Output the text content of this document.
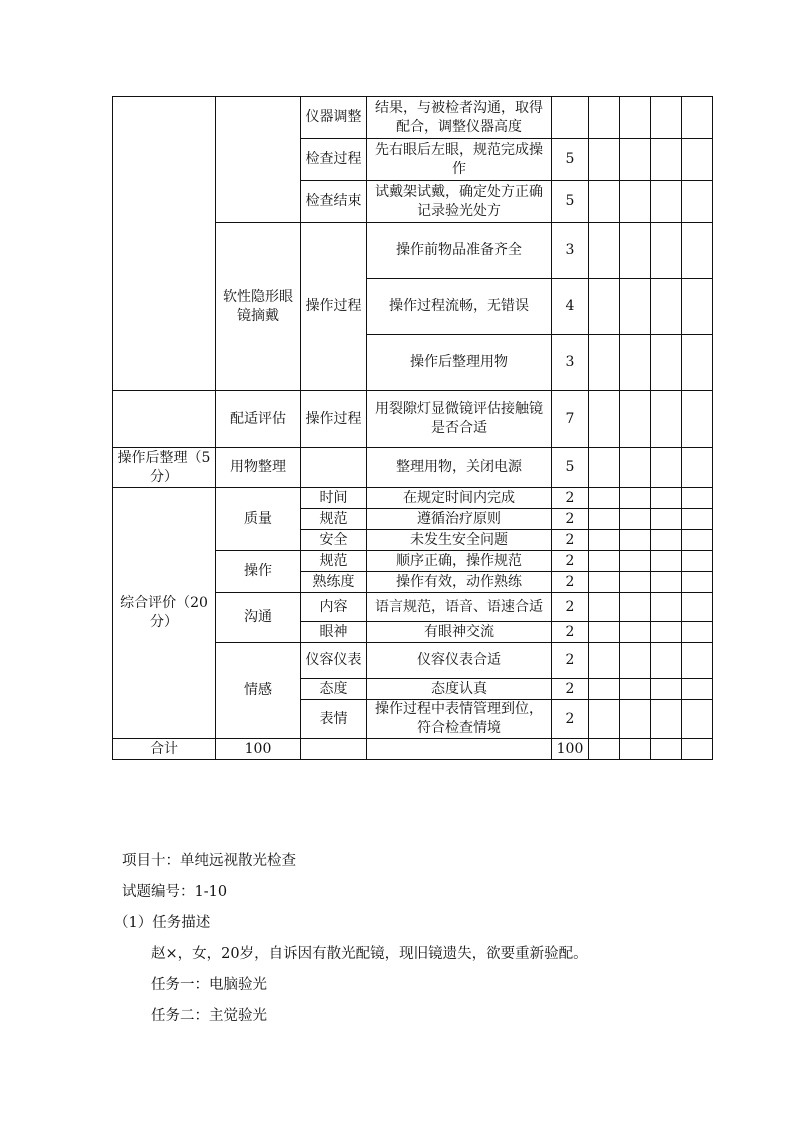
		仪器调整	结果，与被检者沟通，取得配合，调整仪器高度					
		检查过程	先右眼后左眼，规范完成操作	5				
		检查结束	试戴架试戴，确定处方正确记录验光处方	5				
	软性隐形眼镜摘戴	操作过程	操作前物品准备齐全	3				
			操作过程流畅，无错误	4				
			操作后整理用物	3				
	配适评估	操作过程	用裂隙灯显微镜评估接触镜是否合适	7				
操作后整理（5分）	用物整理		整理用物，关闭电源	5				
综合评价（20分）	质量	时间	在规定时间内完成	2				
		规范	遵循治疗原则	2				
		安全	未发生安全问题	2				
	操作	规范	顺序正确，操作规范	2				
		熟练度	操作有效，动作熟练	2				
	沟通	内容	语言规范，语音、语速合适	2				
		眼神	有眼神交流	2				
	情感	仪容仪表	仪容仪表合适	2				
		态度	态度认真	2				
		表情	操作过程中表情管理到位，符合检查情境	2				
合计	100			100				
项目十：单纯远视散光检查
试题编号：1-10
（1）任务描述
赵×，女，20岁，自诉因有散光配镜，现旧镜遗失，欲要重新验配。
任务一：电脑验光
任务二：主觉验光
